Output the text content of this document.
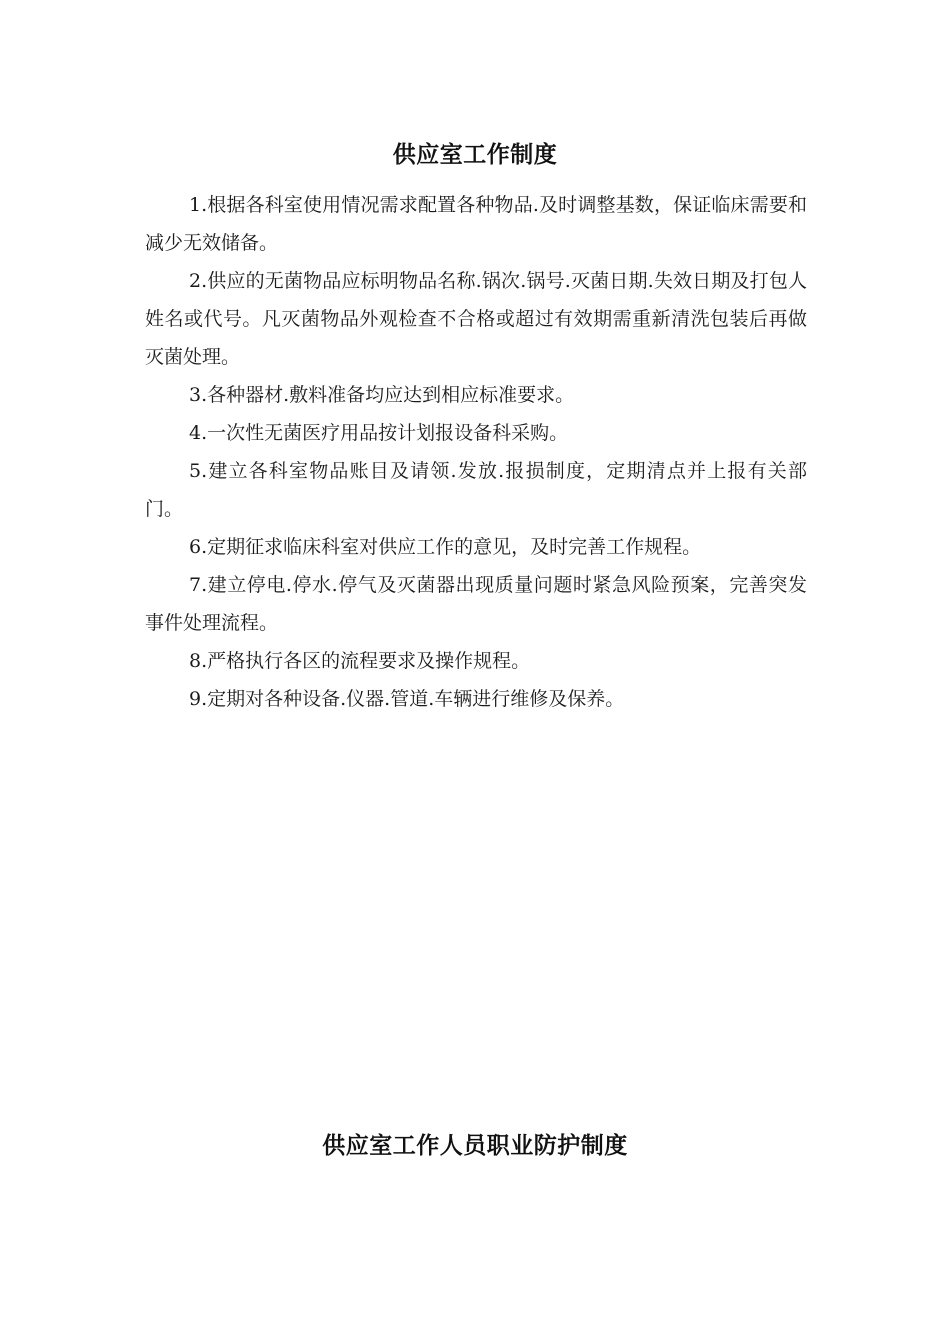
供应室工作制度

1.根据各科室使用情况需求配置各种物品.及时调整基数，保证临床需要和减少无效储备。

2.供应的无菌物品应标明物品名称.锅次.锅号.灭菌日期.失效日期及打包人姓名或代号。凡灭菌物品外观检查不合格或超过有效期需重新清洗包装后再做灭菌处理。

3.各种器材.敷料准备均应达到相应标准要求。

4.一次性无菌医疗用品按计划报设备科采购。

5.建立各科室物品账目及请领.发放.报损制度，定期清点并上报有关部门。

6.定期征求临床科室对供应工作的意见，及时完善工作规程。

7.建立停电.停水.停气及灭菌器出现质量问题时紧急风险预案，完善突发事件处理流程。

8.严格执行各区的流程要求及操作规程。

9.定期对各种设备.仪器.管道.车辆进行维修及保养。

供应室工作人员职业防护制度
